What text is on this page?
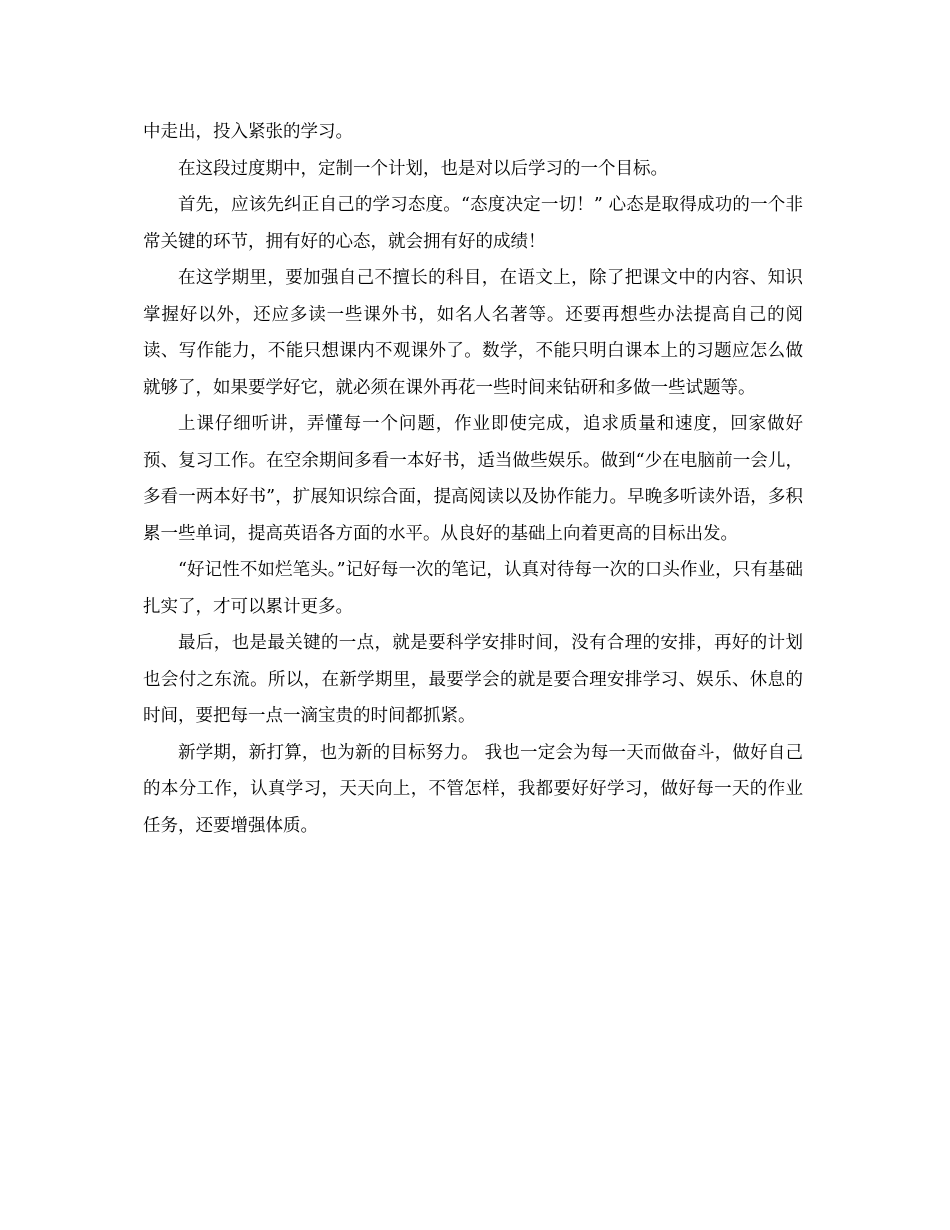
中走出，投入紧张的学习。

在这段过度期中，定制一个计划，也是对以后学习的一个目标。

首先，应该先纠正自己的学习态度。“态度决定一切！” 心态是取得成功的一个非常关键的环节，拥有好的心态，就会拥有好的成绩！

在这学期里，要加强自己不擅长的科目，在语文上，除了把课文中的内容、知识掌握好以外，还应多读一些课外书，如名人名著等。还要再想些办法提高自己的阅读、写作能力，不能只想课内不观课外了。数学，不能只明白课本上的习题应怎么做就够了，如果要学好它，就必须在课外再花一些时间来钻研和多做一些试题等。

上课仔细听讲，弄懂每一个问题，作业即使完成，追求质量和速度，回家做好预、复习工作。在空余期间多看一本好书，适当做些娱乐。做到“少在电脑前一会儿，多看一两本好书”，扩展知识综合面，提高阅读以及协作能力。早晚多听读外语，多积累一些单词，提高英语各方面的水平。从良好的基础上向着更高的目标出发。

“好记性不如烂笔头。”记好每一次的笔记，认真对待每一次的口头作业，只有基础扎实了，才可以累计更多。

最后，也是最关键的一点，就是要科学安排时间，没有合理的安排，再好的计划也会付之东流。所以，在新学期里，最要学会的就是要合理安排学习、娱乐、休息的时间，要把每一点一滴宝贵的时间都抓紧。

新学期，新打算，也为新的目标努力。 我也一定会为每一天而做奋斗，做好自己的本分工作，认真学习，天天向上，不管怎样，我都要好好学习，做好每一天的作业任务，还要增强体质。
